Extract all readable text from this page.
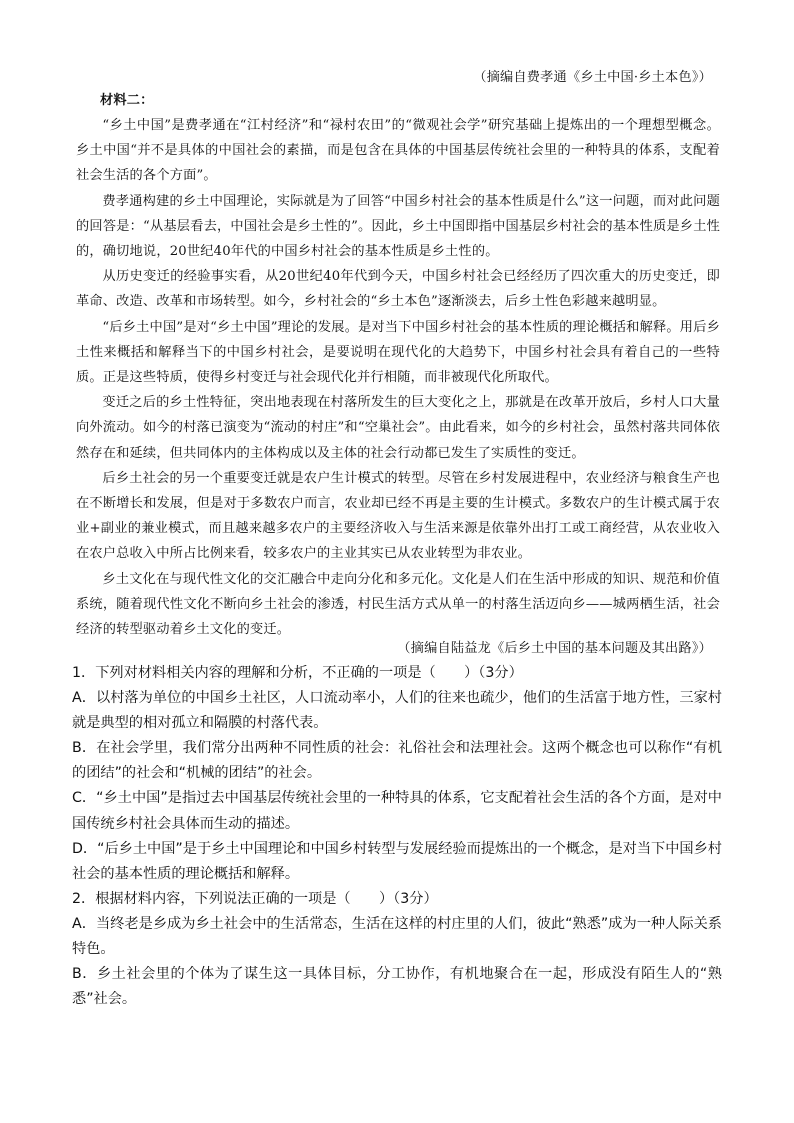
（摘编自费孝通《乡土中国·乡土本色》）
材料二：

“乡土中国”是费孝通在“江村经济”和“禄村农田”的“微观社会学”研究基础上提炼出的一个理想型概念。乡土中国“并不是具体的中国社会的素描，而是包含在具体的中国基层传统社会里的一种特具的体系，支配着社会生活的各个方面”。

费孝通构建的乡土中国理论，实际就是为了回答“中国乡村社会的基本性质是什么”这一问题，而对此问题的回答是：“从基层看去，中国社会是乡土性的”。因此，乡土中国即指中国基层乡村社会的基本性质是乡土性的，确切地说，20世纪40年代的中国乡村社会的基本性质是乡土性的。

从历史变迁的经验事实看，从20世纪40年代到今天，中国乡村社会已经经历了四次重大的历史变迁，即革命、改造、改革和市场转型。如今，乡村社会的“乡土本色”逐渐淡去，后乡土性色彩越来越明显。

“后乡土中国”是对“乡土中国”理论的发展。是对当下中国乡村社会的基本性质的理论概括和解释。用后乡土性来概括和解释当下的中国乡村社会，是要说明在现代化的大趋势下，中国乡村社会具有着自己的一些特质。正是这些特质，使得乡村变迁与社会现代化并行相随，而非被现代化所取代。

变迁之后的乡土性特征，突出地表现在村落所发生的巨大变化之上，那就是在改革开放后，乡村人口大量向外流动。如今的村落已演变为“流动的村庄”和“空巢社会”。由此看来，如今的乡村社会，虽然村落共同体依然存在和延续，但共同体内的主体构成以及主体的社会行动都已发生了实质性的变迁。

后乡土社会的另一个重要变迁就是农户生计模式的转型。尽管在乡村发展进程中，农业经济与粮食生产也在不断增长和发展，但是对于多数农户而言，农业却已经不再是主要的生计模式。多数农户的生计模式属于农业+副业的兼业模式，而且越来越多农户的主要经济收入与生活来源是依靠外出打工或工商经营，从农业收入在农户总收入中所占比例来看，较多农户的主业其实已从农业转型为非农业。

乡土文化在与现代性文化的交汇融合中走向分化和多元化。文化是人们在生活中形成的知识、规范和价值系统，随着现代性文化不断向乡土社会的渗透，村民生活方式从单一的村落生活迈向乡——城两栖生活，社会经济的转型驱动着乡土文化的变迁。

（摘编自陆益龙《后乡土中国的基本问题及其出路》）

1．下列对材料相关内容的理解和分析，不正确的一项是（　　）（3分）

A．以村落为单位的中国乡土社区，人口流动率小，人们的往来也疏少，他们的生活富于地方性，三家村就是典型的相对孤立和隔膜的村落代表。

B．在社会学里，我们常分出两种不同性质的社会：礼俗社会和法理社会。这两个概念也可以称作“有机的团结”的社会和“机械的团结”的社会。

C．“乡土中国”是指过去中国基层传统社会里的一种特具的体系，它支配着社会生活的各个方面，是对中国传统乡村社会具体而生动的描述。

D．“后乡土中国”是于乡土中国理论和中国乡村转型与发展经验而提炼出的一个概念，是对当下中国乡村社会的基本性质的理论概括和解释。

2．根据材料内容，下列说法正确的一项是（　　）（3分）

A．当终老是乡成为乡土社会中的生活常态，生活在这样的村庄里的人们，彼此“熟悉”成为一种人际关系特色。

B．乡土社会里的个体为了谋生这一具体目标，分工协作，有机地聚合在一起，形成没有陌生人的“熟悉”社会。
